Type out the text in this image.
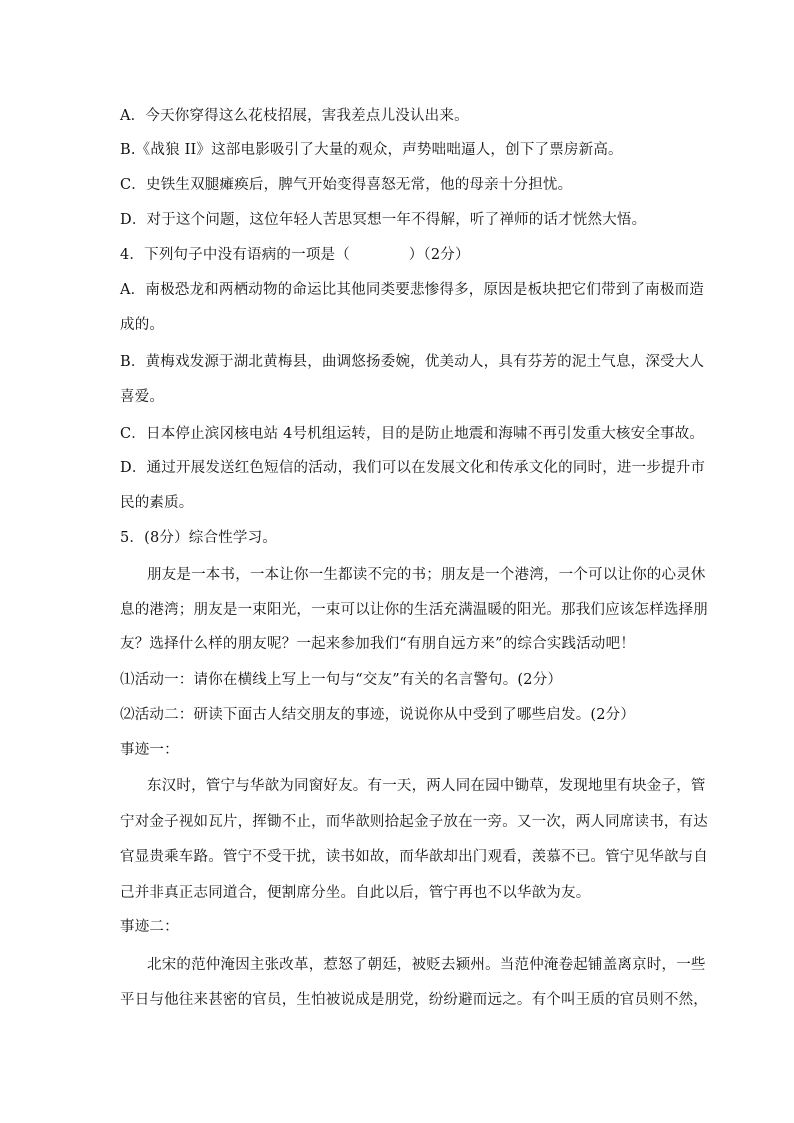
A．今天你穿得这么花枝招展，害我差点儿没认出来。
B.《战狼 II》这部电影吸引了大量的观众，声势咄咄逼人，创下了票房新高。
C．史铁生双腿瘫痪后，脾气开始变得喜怒无常，他的母亲十分担忧。
D．对于这个问题，这位年轻人苦思冥想一年不得解，听了禅师的话才恍然大悟。
4．下列句子中没有语病的一项是（　　　　）（2分）
A．南极恐龙和两栖动物的命运比其他同类要悲惨得多，原因是板块把它们带到了南极而造
成的。
B．黄梅戏发源于湖北黄梅县，曲调悠扬委婉，优美动人，具有芬芳的泥土气息，深受大人
喜爱。
C．日本停止滨冈核电站 4号机组运转，目的是防止地震和海啸不再引发重大核安全事故。
D．通过开展发送红色短信的活动，我们可以在发展文化和传承文化的同时，进一步提升市
民的素质。
5．(8分）综合性学习。
朋友是一本书，一本让你一生都读不完的书；朋友是一个港湾，一个可以让你的心灵休
息的港湾；朋友是一束阳光，一束可以让你的生活充满温暖的阳光。那我们应该怎样选择朋
友？选择什么样的朋友呢？一起来参加我们“有朋自远方来”的综合实践活动吧！
⑴活动一：请你在横线上写上一句与“交友”有关的名言警句。(2分）
⑵活动二：研读下面古人结交朋友的事迹，说说你从中受到了哪些启发。(2分）
事迹一：
东汉时，管宁与华歆为同窗好友。有一天，两人同在园中锄草，发现地里有块金子，管
宁对金子视如瓦片，挥锄不止，而华歆则拾起金子放在一旁。又一次，两人同席读书，有达
官显贵乘车路。管宁不受干扰，读书如故，而华歆却出门观看，羡慕不已。管宁见华歆与自
己并非真正志同道合，便割席分坐。自此以后，管宁再也不以华歆为友。
事迹二：
北宋的范仲淹因主张改革，惹怒了朝廷，被贬去颍州。当范仲淹卷起铺盖离京时，一些
平日与他往来甚密的官员，生怕被说成是朋党，纷纷避而远之。有个叫王质的官员则不然，
